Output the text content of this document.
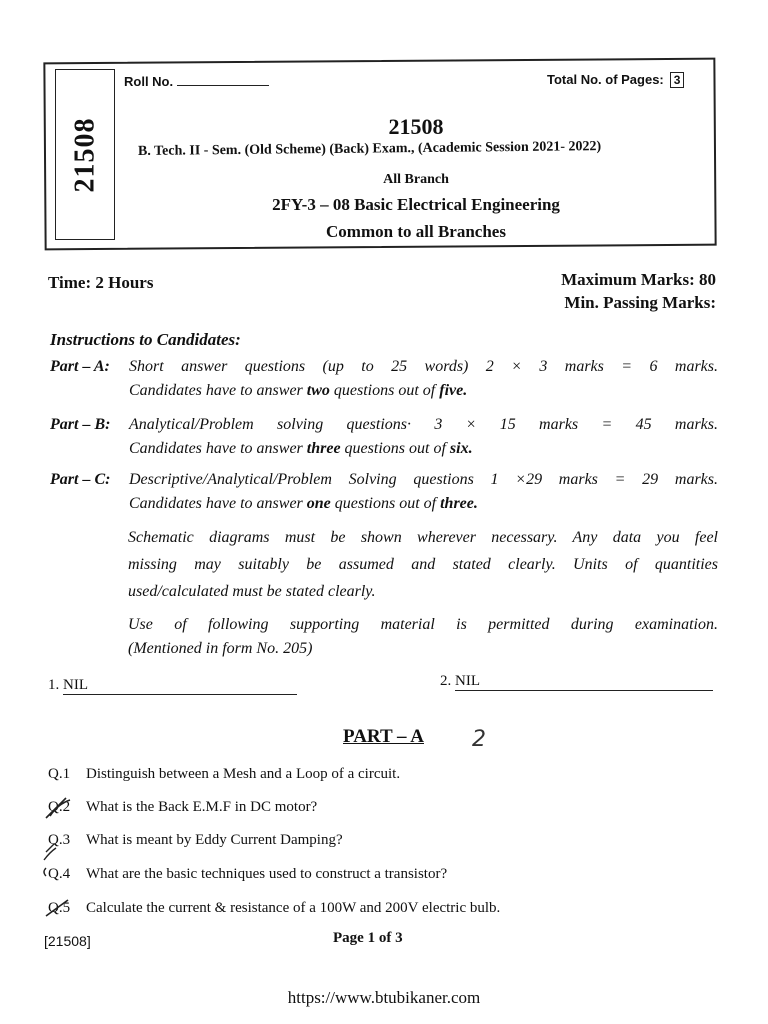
21508
Roll No.	Total No. of Pages: 3
21508
B. Tech. II - Sem. (Old Scheme) (Back) Exam., (Academic Session 2021- 2022)
All Branch
2FY-3 – 08 Basic Electrical Engineering
Common to all Branches
Time: 2 Hours	Maximum Marks: 80
Min. Passing Marks:
Instructions to Candidates:
Part – A: Short answer questions (up to 25 words) 2 × 3 marks = 6 marks.
Candidates have to answer two questions out of five.
Part – B: Analytical/Problem solving questions· 3 × 15 marks = 45 marks.
Candidates have to answer three questions out of six.
Part – C: Descriptive/Analytical/Problem Solving questions 1 ×29 marks = 29 marks.
Candidates have to answer one questions out of three.
Schematic diagrams must be shown wherever necessary. Any data you feel
missing may suitably be assumed and stated clearly. Units of quantities
used/calculated must be stated clearly.
Use of following supporting material is permitted during examination.
(Mentioned in form No. 205)
1. NIL	2. NIL
PART – A 2
Q.1 Distinguish between a Mesh and a Loop of a circuit.
Q.2 What is the Back E.M.F in DC motor?
Q.3 What is meant by Eddy Current Damping?
Q.4 What are the basic techniques used to construct a transistor?
Q.5 Calculate the current & resistance of a 100W and 200V electric bulb.
[21508]	Page 1 of 3
https://www.btubikaner.com
